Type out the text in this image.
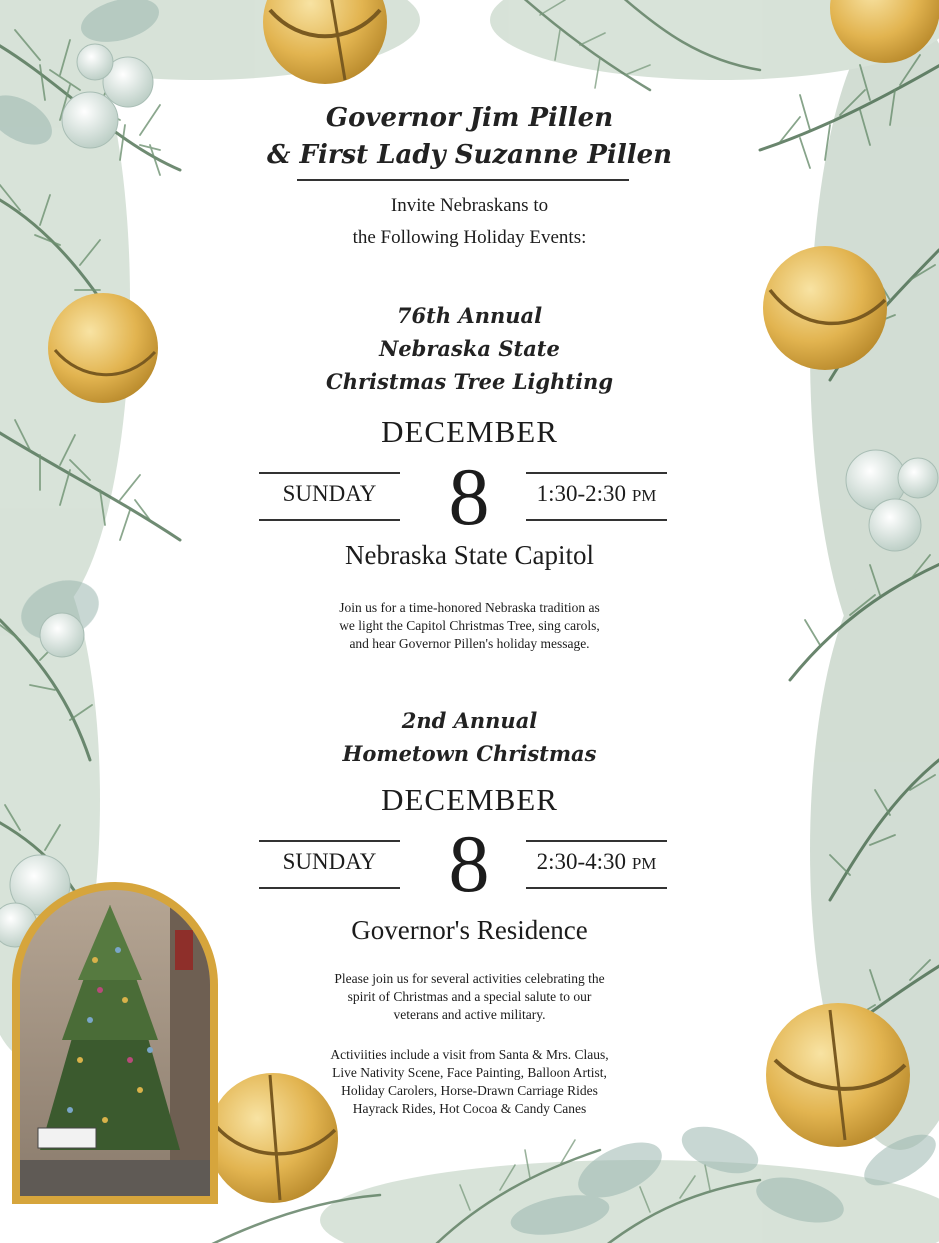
Governor Jim Pillen

& First Lady Suzanne Pillen

Invite Nebraskans to

the Following Holiday Events:

76th Annual

Nebraska State

Christmas Tree Lighting

DECEMBER

SUNDAY 8	1:30-2:30 PM

Nebraska State Capitol

Join us for a time-honored Nebraska tradition as

we light the Capitol Christmas Tree, sing carols,

and hear Governor Pillen's holiday message.

2nd Annual

Hometown Christmas

DECEMBER

SUNDAY 8	2:30-4:30 PM

Governor's Residence

Please join us for several activities celebrating the

spirit of Christmas and a special salute to our

veterans and active military.

Activiities include a visit from Santa & Mrs. Claus,

Live Nativity Scene, Face Painting, Balloon Artist,

Holiday Carolers, Horse-Drawn Carriage Rides

Hayrack Rides, Hot Cocoa & Candy Canes
